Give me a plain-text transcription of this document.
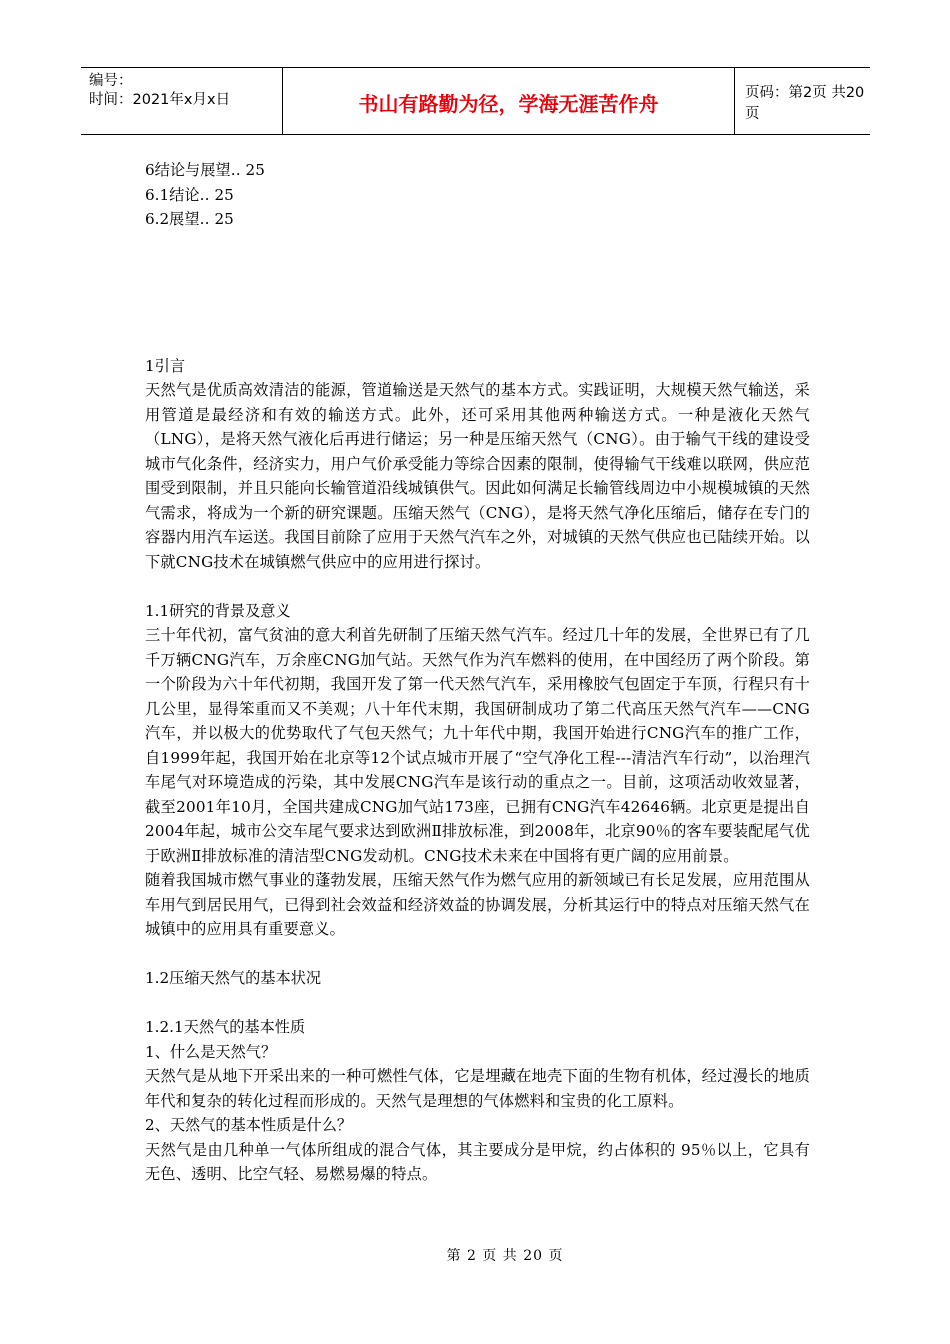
编号：
时间：2021年x月x日	书山有路勤为径，学海无涯苦作舟	页码：第2页 共20页
6结论与展望‥ 25
6.1结论‥ 25
6.2展望‥ 25
1引言

天然气是优质高效清洁的能源，管道输送是天然气的基本方式。实践证明，大规模天然气输送，采用管道是最经济和有效的输送方式。此外，还可采用其他两种输送方式。一种是液化天然气（LNG），是将天然气液化后再进行储运；另一种是压缩天然气（CNG）。由于输气干线的建设受城市气化条件，经济实力，用户气价承受能力等综合因素的限制，使得输气干线难以联网，供应范围受到限制，并且只能向长输管道沿线城镇供气。因此如何满足长输管线周边中小规模城镇的天然气需求，将成为一个新的研究课题。压缩天然气（CNG），是将天然气净化压缩后，储存在专门的容器内用汽车运送。我国目前除了应用于天然气汽车之外，对城镇的天然气供应也已陆续开始。以下就CNG技术在城镇燃气供应中的应用进行探讨。

1.1研究的背景及意义

三十年代初，富气贫油的意大利首先研制了压缩天然气汽车。经过几十年的发展，全世界已有了几千万辆CNG汽车，万余座CNG加气站。天然气作为汽车燃料的使用，在中国经历了两个阶段。第一个阶段为六十年代初期，我国开发了第一代天然气汽车，采用橡胶气包固定于车顶，行程只有十几公里，显得笨重而又不美观；八十年代末期，我国研制成功了第二代高压天然气汽车——CNG汽车，并以极大的优势取代了气包天然气；九十年代中期，我国开始进行CNG汽车的推广工作，自1999年起，我国开始在北京等12个试点城市开展了“空气净化工程---清洁汽车行动”，以治理汽车尾气对环境造成的污染，其中发展CNG汽车是该行动的重点之一。目前，这项活动收效显著，截至2001年10月，全国共建成CNG加气站173座，已拥有CNG汽车42646辆。北京更是提出自2004年起，城市公交车尾气要求达到欧洲Ⅱ排放标准，到2008年，北京90％的客车要装配尾气优于欧洲Ⅱ排放标准的清洁型CNG发动机。CNG技术未来在中国将有更广阔的应用前景。

随着我国城市燃气事业的蓬勃发展，压缩天然气作为燃气应用的新领域已有长足发展，应用范围从车用气到居民用气，已得到社会效益和经济效益的协调发展，分析其运行中的特点对压缩天然气在城镇中的应用具有重要意义。

1.2压缩天然气的基本状况
1.2.1天然气的基本性质
1、什么是天然气？

天然气是从地下开采出来的一种可燃性气体，它是埋藏在地壳下面的生物有机体，经过漫长的地质年代和复杂的转化过程而形成的。天然气是理想的气体燃料和宝贵的化工原料。

2、天然气的基本性质是什么？

天然气是由几种单一气体所组成的混合气体，其主要成分是甲烷，约占体积的 95％以上，它具有无色、透明、比空气轻、易燃易爆的特点。

第 2 页 共 20 页
